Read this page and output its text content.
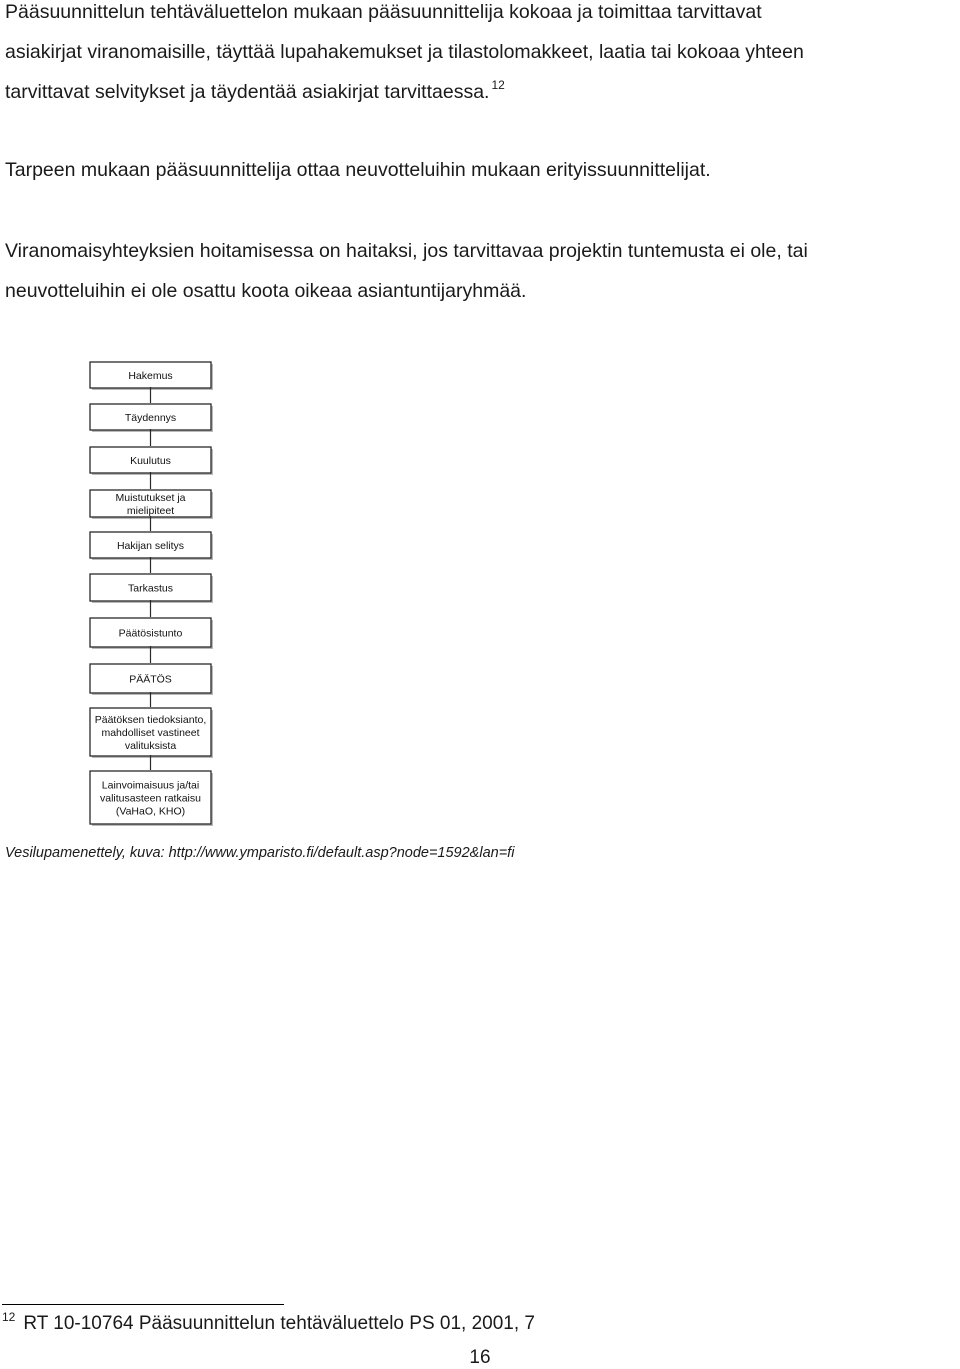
Pääsuunnittelun tehtäväluettelon mukaan pääsuunnittelija kokoaa ja toimittaa tarvittavat
asiakirjat viranomaisille, täyttää lupahakemukset ja tilastolomakkeet, laatia tai kokoaa yhteen
tarvittavat selvitykset ja täydentää asiakirjat tarvittaessa. $^{12}$

Tarpeen mukaan pääsuunnittelija ottaa neuvotteluihin mukaan erityissuunnittelijat.

Viranomaisyhteyksien hoitamisessa on haitaksi, jos tarvittavaa projektin tuntemusta ei ole, tai
neuvotteluihin ei ole osattu koota oikeaa asiantuntijaryhmää.
Hakemus
Täydennys
Kuulutus
Muistutukset ja
mielipiteet
Hakijan selitys
Tarkastus
Päätösistunto
PÄÄTÖS
Päätöksen tiedoksianto,
mahdolliset vastineet
valituksista
Lainvoimaisuus ja/tai
valitusasteen ratkaisu
(VaHaO, KHO)

Vesilupamenettely, kuva: http://www.ymparisto.fi/default.asp?node=1592&lan=fi

$^{12}$ RT 10-10764 Pääsuunnittelun tehtäväluettelo PS 01, 2001, 7

16
